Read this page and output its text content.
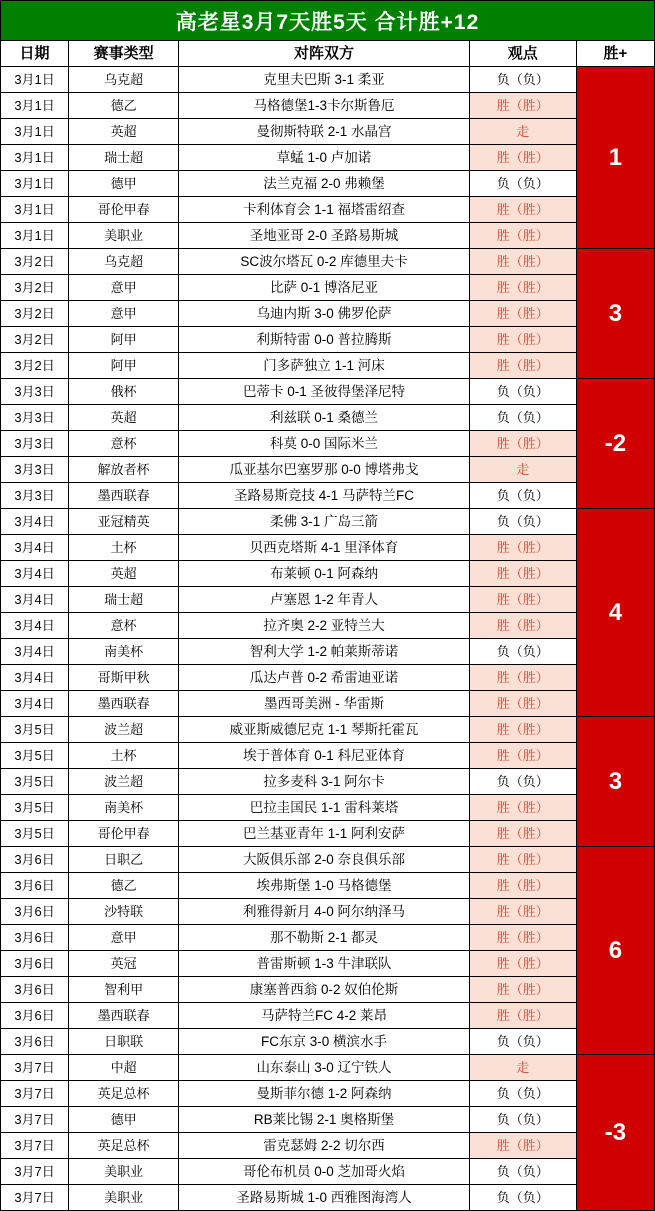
高老星3月7天胜5天 合计胜+12
日期	赛事类型	对阵双方	观点	胜+
3月1日	乌克超	克里夫巴斯 3-1 柔亚	负（负）	1
3月1日	德乙	马格德堡1-3卡尔斯鲁厄	胜（胜）	
3月1日	英超	曼彻斯特联 2-1 水晶宫	走	
3月1日	瑞士超	草蜢 1-0 卢加诺	胜（胜）	
3月1日	德甲	法兰克福 2-0 弗赖堡	负（负）	
3月1日	哥伦甲春	卡利体育会 1-1 福塔雷绍查	胜（胜）	
3月1日	美职业	圣地亚哥 2-0 圣路易斯城	胜（胜）	
3月2日	乌克超	SC波尔塔瓦 0-2 库德里夫卡	胜（胜）	3
3月2日	意甲	比萨 0-1 博洛尼亚	胜（胜）	
3月2日	意甲	乌迪内斯 3-0 佛罗伦萨	胜（胜）	
3月2日	阿甲	利斯特雷 0-0 普拉腾斯	胜（胜）	
3月2日	阿甲	门多萨独立 1-1 河床	胜（胜）	
3月3日	俄杯	巴蒂卡 0-1 圣彼得堡泽尼特	负（负）	-2
3月3日	英超	利兹联 0-1 桑德兰	负（负）	
3月3日	意杯	科莫 0-0 国际米兰	胜（胜）	
3月3日	解放者杯	瓜亚基尔巴塞罗那 0-0 博塔弗戈	走	
3月3日	墨西联春	圣路易斯竞技 4-1 马萨特兰FC	负（负）	
3月4日	亚冠精英	柔佛 3-1 广岛三箭	负（负）	4
3月4日	土杯	贝西克塔斯 4-1 里泽体育	胜（胜）	
3月4日	英超	布莱顿 0-1 阿森纳	胜（胜）	
3月4日	瑞士超	卢塞恩 1-2 年青人	胜（胜）	
3月4日	意杯	拉齐奥 2-2 亚特兰大	胜（胜）	
3月4日	南美杯	智利大学 1-2 帕莱斯蒂诺	负（负）	
3月4日	哥斯甲秋	瓜达卢普 0-2 希雷迪亚诺	胜（胜）	
3月4日	墨西联春	墨西哥美洲 - 华雷斯	胜（胜）	
3月5日	波兰超	威亚斯威德尼克 1-1 琴斯托霍瓦	胜（胜）	3
3月5日	土杯	埃于普体育 0-1 科尼亚体育	胜（胜）	
3月5日	波兰超	拉多麦科 3-1 阿尔卡	负（负）	
3月5日	南美杯	巴拉圭国民 1-1 雷科莱塔	胜（胜）	
3月5日	哥伦甲春	巴兰基亚青年 1-1 阿利安萨	胜（胜）	
3月6日	日职乙	大阪俱乐部 2-0 奈良俱乐部	胜（胜）	6
3月6日	德乙	埃弗斯堡 1-0 马格德堡	胜（胜）	
3月6日	沙特联	利雅得新月 4-0 阿尔纳泽马	胜（胜）	
3月6日	意甲	那不勒斯 2-1 都灵	胜（胜）	
3月6日	英冠	普雷斯顿 1-3 牛津联队	胜（胜）	
3月6日	智利甲	康塞普西翁 0-2 奴伯伦斯	胜（胜）	
3月6日	墨西联春	马萨特兰FC 4-2 莱昂	胜（胜）	
3月6日	日职联	FC东京 3-0 横滨水手	负（负）	
3月7日	中超	山东泰山 3-0 辽宁铁人	走	-3
3月7日	英足总杯	曼斯菲尔德 1-2 阿森纳	负（负）	
3月7日	德甲	RB莱比锡 2-1 奥格斯堡	负（负）	
3月7日	英足总杯	雷克瑟姆 2-2 切尔西	胜（胜）	
3月7日	美职业	哥伦布机员 0-0 芝加哥火焰	负（负）	
3月7日	美职业	圣路易斯城 1-0 西雅图海湾人	负（负）	
